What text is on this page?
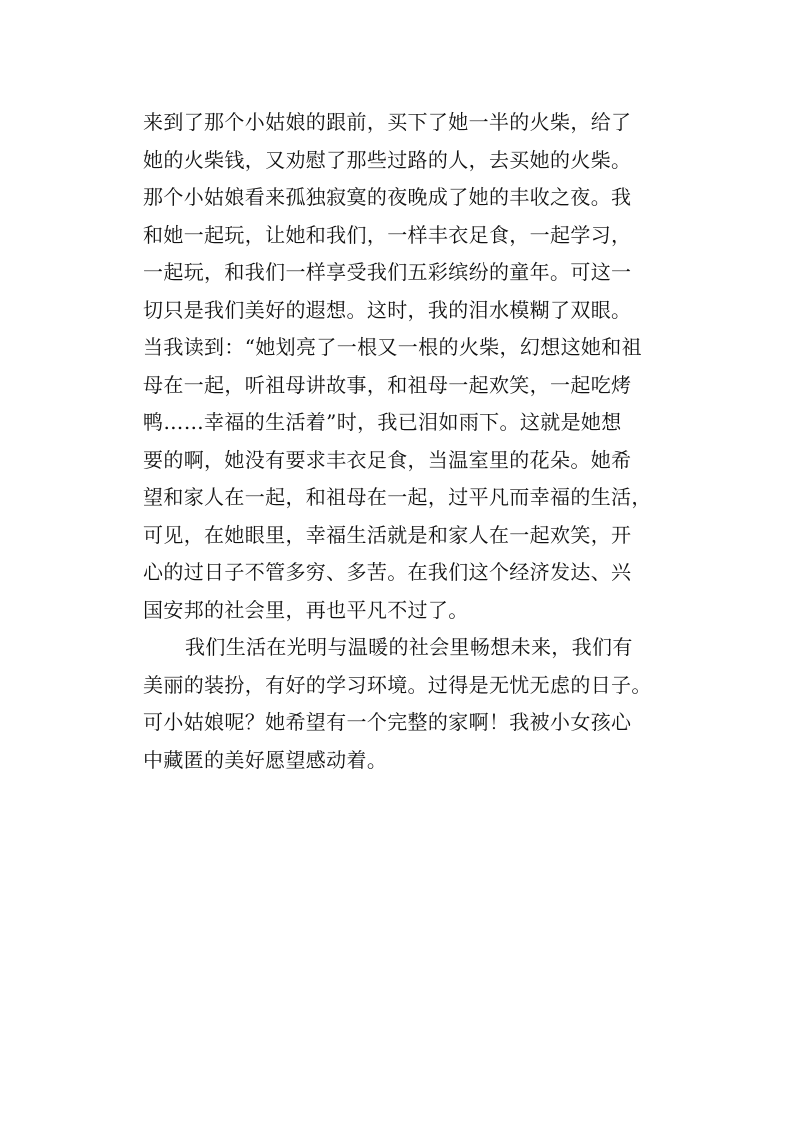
来到了那个小姑娘的跟前，买下了她一半的火柴，给了
她的火柴钱，又劝慰了那些过路的人，去买她的火柴。
那个小姑娘看来孤独寂寞的夜晚成了她的丰收之夜。我
和她一起玩，让她和我们，一样丰衣足食，一起学习，
一起玩，和我们一样享受我们五彩缤纷的童年。可这一
切只是我们美好的遐想。这时，我的泪水模糊了双眼。
当我读到：“她划亮了一根又一根的火柴，幻想这她和祖
母在一起，听祖母讲故事，和祖母一起欢笑，一起吃烤
鸭……幸福的生活着”时，我已泪如雨下。这就是她想
要的啊，她没有要求丰衣足食，当温室里的花朵。她希
望和家人在一起，和祖母在一起，过平凡而幸福的生活，
可见，在她眼里，幸福生活就是和家人在一起欢笑，开
心的过日子不管多穷、多苦。在我们这个经济发达、兴
国安邦的社会里，再也平凡不过了。
我们生活在光明与温暖的社会里畅想未来，我们有
美丽的装扮，有好的学习环境。过得是无忧无虑的日子。
可小姑娘呢？她希望有一个完整的家啊！我被小女孩心
中藏匿的美好愿望感动着。
